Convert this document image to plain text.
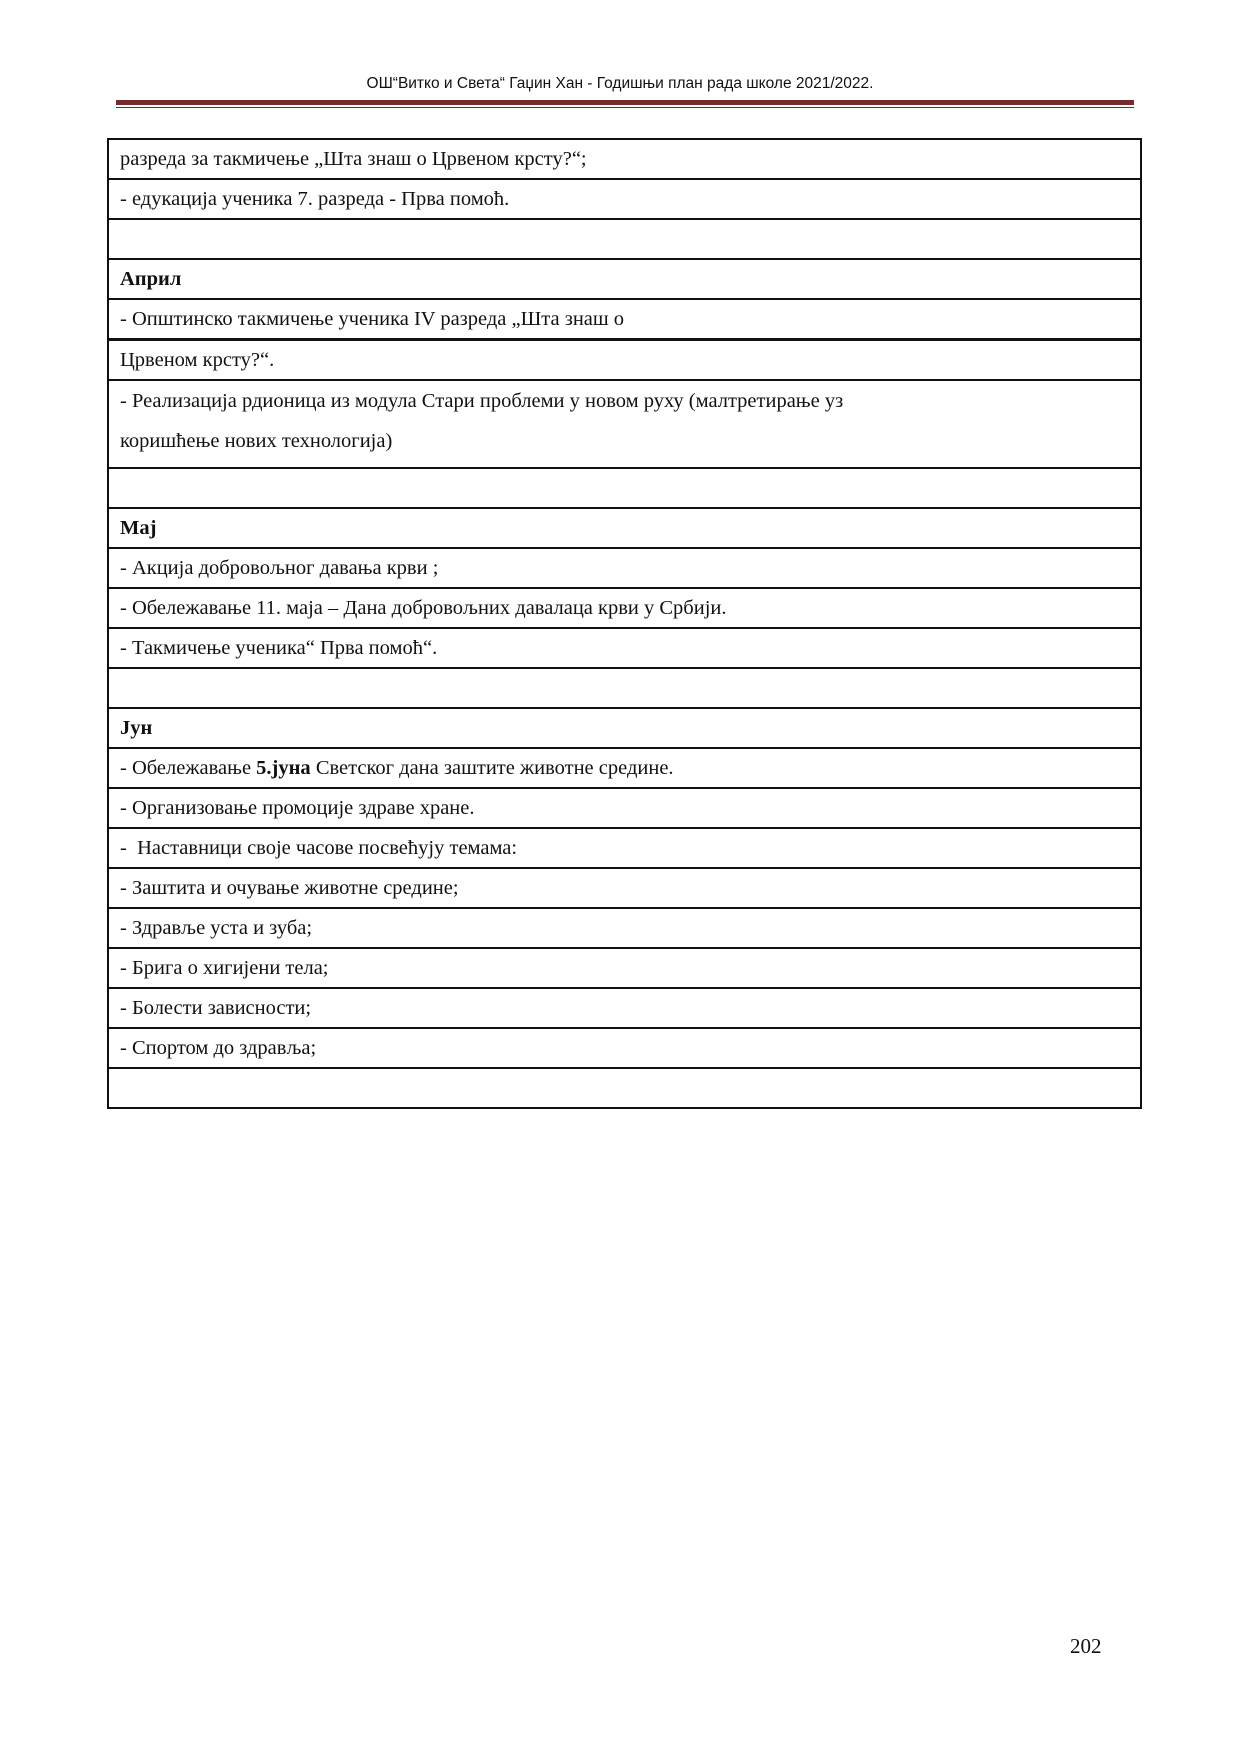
ОШ“Витко и Света“ Гаџин Хан - Годишњи план рада школе 2021/2022.
разреда за такмичење „Шта знаш о Црвеном крсту?“;
- едукација ученика 7. разреда - Прва помоћ.

Април
- Општинско такмичење ученика IV разреда „Шта знаш о
Црвеном крсту?“.

- Реализација рдионица из модула Стари проблеми у новом руху (малтретирање уз
коришћење нових технологија)

Мај
- Акција добровољног давања крви ;
- Обележавање 11. маја – Дана добровољних давалаца крви у Србији.
- Такмичење ученика“ Прва помоћ“.

Јун
- Обележавање 5.јуна Светског дана заштите животне средине.
- Организовање промоције здраве хране.
-  Наставници своје часове посвећују темама:
- Заштита и очување животне средине;
- Здравље уста и зуба;
- Брига о хигијени тела;
- Болести зависности;
- Спортом до здравља;

202
